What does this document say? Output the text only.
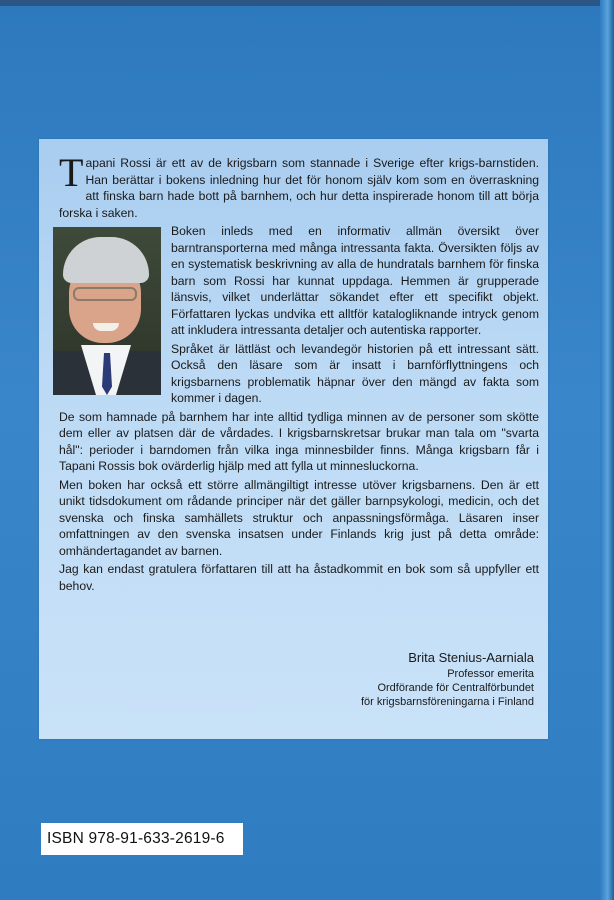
T apani Rossi är ett av de krigsbarn som stannade i Sverige efter krigs-barnstiden. Han berättar i bokens inledning hur det för honom själv kom som en överraskning att finska barn hade bott på barnhem, och hur detta inspirerade honom till att börja forska i saken.

Boken inleds med en informativ allmän översikt över barntransporterna med många intressanta fakta. Översikten följs av en systematisk beskrivning av alla de hundratals barnhem för finska barn som Rossi har kunnat uppdaga. Hemmen är grupperade länsvis, vilket underlättar sökandet efter ett specifikt objekt. Författaren lyckas undvika ett alltför katalogliknande intryck genom att inkludera intressanta detaljer och autentiska rapporter.

Språket är lättläst och levandegör historien på ett intressant sätt. Också den läsare som är insatt i barnförflyttningens och krigsbarnens problematik häpnar över den mängd av fakta som kommer i dagen.

De som hamnade på barnhem har inte alltid tydliga minnen av de personer som skötte dem eller av platsen där de vårdades. I krigsbarnskretsar brukar man tala om "svarta hål": perioder i barndomen från vilka inga minnesbilder finns. Många krigsbarn får i Tapani Rossis bok ovärderlig hjälp med att fylla ut minnesluckorna.

Men boken har också ett större allmängiltigt intresse utöver krigsbarnens. Den är ett unikt tidsdokument om rådande principer när det gäller barnpsykologi, medicin, och det svenska och finska samhällets struktur och anpassningsförmåga. Läsaren inser omfattningen av den svenska insatsen under Finlands krig just på detta område: omhändertagandet av barnen.

Jag kan endast gratulera författaren till att ha åstadkommit en bok som så uppfyller ett behov.

Brita Stenius-Aarniala
Professor emerita
Ordförande för Centralförbundet
för krigsbarnsföreningarna i Finland
ISBN 978-91-633-2619-6
